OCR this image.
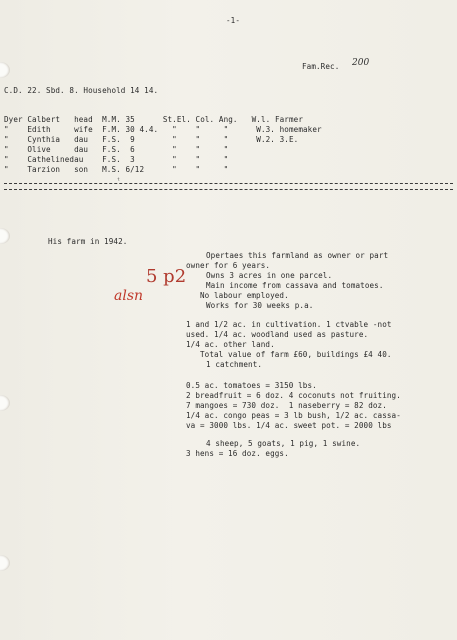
-1-
Fam.Rec. 200
C.D. 22. Sbd. 8. Household 14 14.
Dyer Calbert   head  M.M. 35      St.El. Col. Ang.   W.l. Farmer
"    Edith     wife  F.M. 30 4.4.   "    "     "      W.3. homemaker
"    Cynthia   dau   F.S.  9        "    "     "      W.2. 3.E.
"    Olive     dau   F.S.  6        "    "     "
"    Cathelinedau    F.S.  3        "    "     "
"    Tarzion   son   M.S. 6/12      "    "     "
ᵗ
His farm in 1942.
Opertaes this farmland as owner or part
owner for 6 years.
Owns 3 acres in one parcel.
Main income from cassava and tomatoes.
No labour employed.
Works for 30 weeks p.a.
alsn
5 p2
1 and 1/2 ac. in cultivation. 1 ctvable -not
used. 1/4 ac. woodland used as pasture.
1/4 ac. other land.
Total value of farm £60, buildings £4 40.
1 catchment.
0.5 ac. tomatoes = 3150 lbs.
2 breadfruit = 6 doz. 4 coconuts not fruiting.
7 mangoes = 730 doz.  1 naseberry = 82 doz.
1/4 ac. congo peas = 3 lb bush, 1/2 ac. cassa-
va = 3000 lbs. 1/4 ac. sweet pot. = 2000 lbs
4 sheep, 5 goats, 1 pig, 1 swine.
3 hens = 16 doz. eggs.
